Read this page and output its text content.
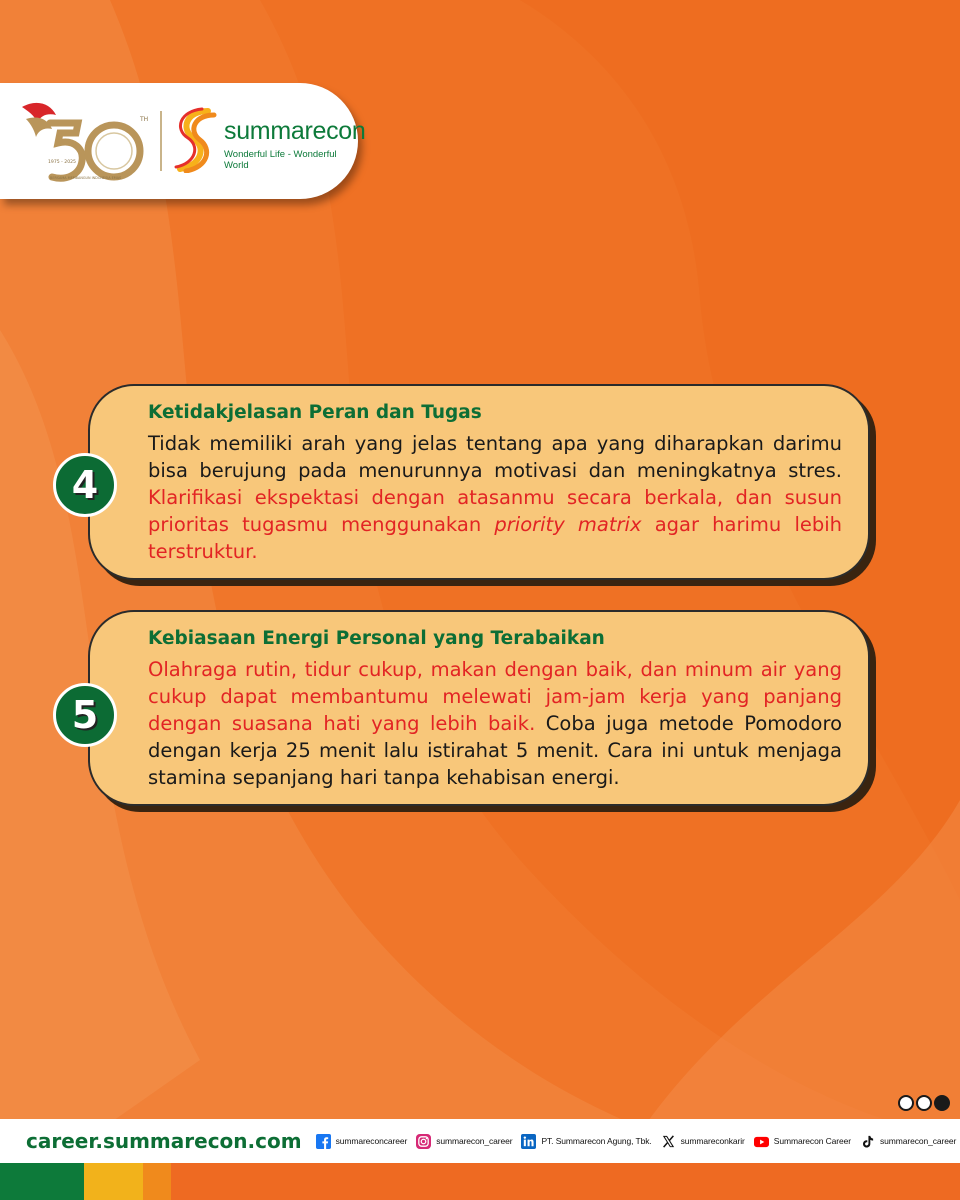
1975 - 2025
BERSAMA MEMBANGUN INDONESIA EMAS
TH	summarecon
Wonderful Life - Wonderful World
Ketidakjelasan Peran dan Tugas
Tidak memiliki arah yang jelas tentang apa yang diharapkan darimu bisa berujung pada menurunnya motivasi dan meningkatnya stres. Klarifikasi ekspektasi dengan atasanmu secara berkala, dan susun prioritas tugasmu menggunakan priority matrix agar harimu lebih terstruktur.
4
Kebiasaan Energi Personal yang Terabaikan
Olahraga rutin, tidur cukup, makan dengan baik, dan minum air yang cukup dapat membantumu melewati jam-jam kerja yang panjang dengan suasana hati yang lebih baik. Coba juga metode Pomodoro dengan kerja 25 menit lalu istirahat 5 menit. Cara ini untuk menjaga stamina sepanjang hari tanpa kehabisan energi.
5
career.summarecon.com	summareconcareer	summarecon_career	PT. Summarecon Agung, Tbk.	summareconkarir	Summarecon Career	summarecon_career
